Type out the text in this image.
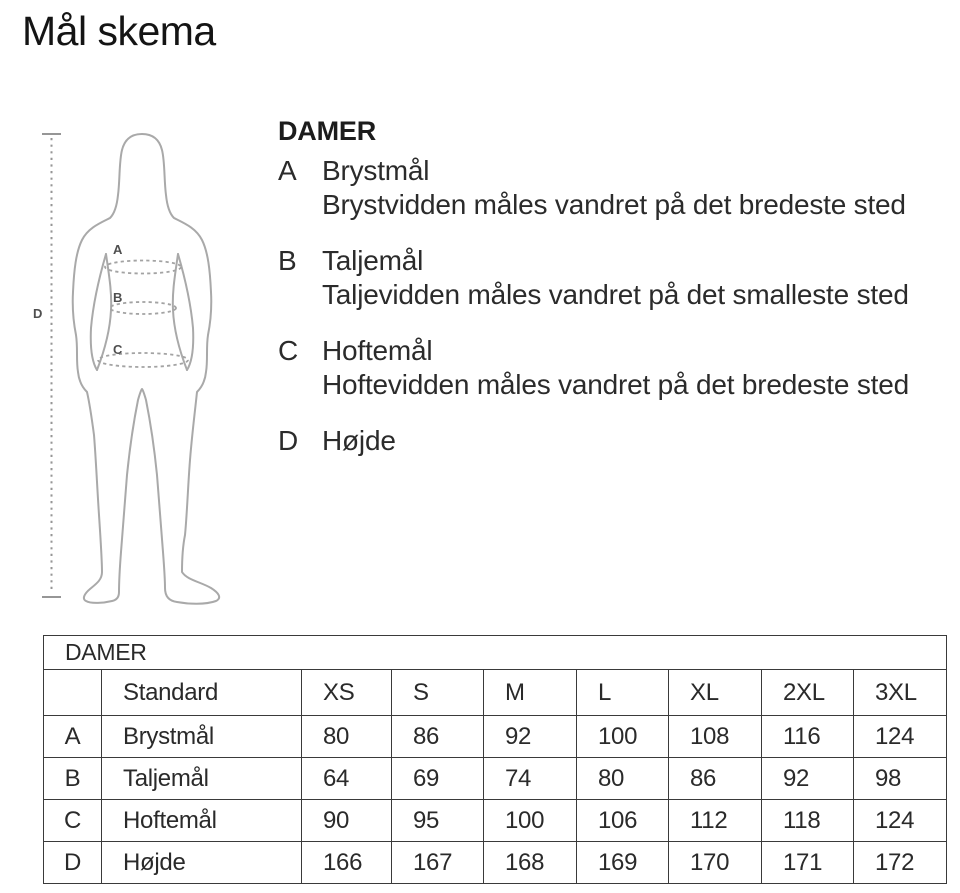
Mål skema
D
A
B
C
DAMER
A Brystmål
Brystvidden måles vandret på det bredeste sted
B Taljemål
Taljevidden måles vandret på det smalleste sted
C Hoftemål
Hoftevidden måles vandret på det bredeste sted
D Højde
DAMER								
	Standard	XS	S	M	L	XL	2XL	3XL
A	Brystmål	80	86	92	100	108	116	124
B	Taljemål	64	69	74	80	86	92	98
C	Hoftemål	90	95	100	106	112	118	124
D	Højde	166	167	168	169	170	171	172
